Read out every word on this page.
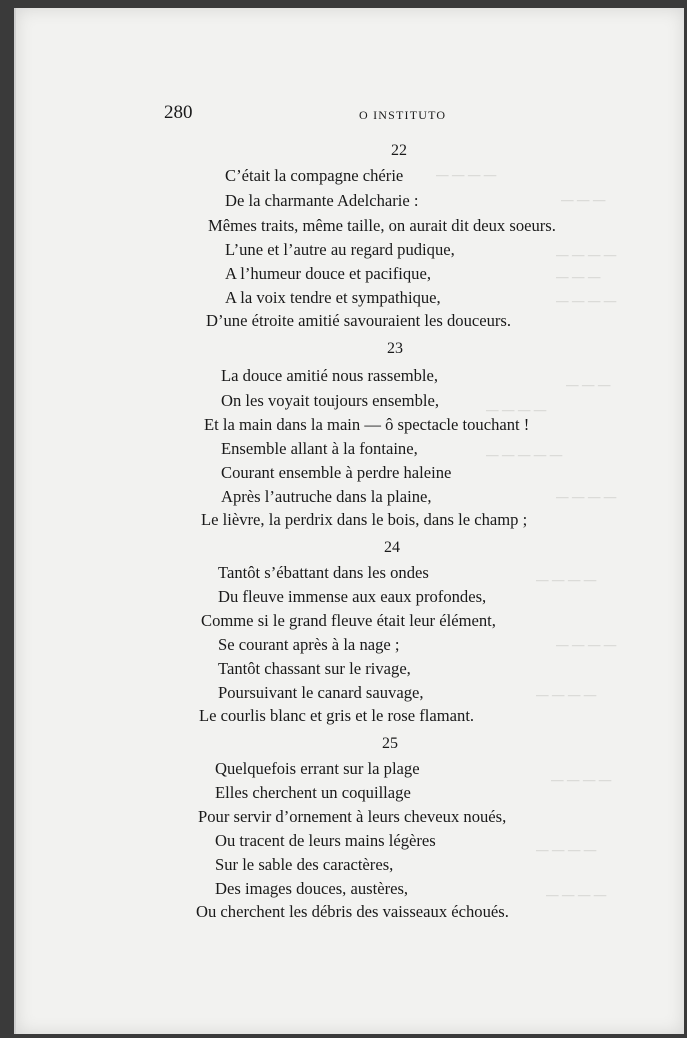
— — — —
— — —
— — — —
— — —
— — — —
— — —
— — — —
— — — — —
— — — —
— — — —
— — — —
— — — —
— — — —
— — — —
— — — —
280	O INSTITUTO
22
C’était la compagne chérie
De la charmante Adelcharie :
Mêmes traits, même taille, on aurait dit deux soeurs.
L’une et l’autre au regard pudique,
A l’humeur douce et pacifique,
A la voix tendre et sympathique,
D’une étroite amitié savouraient les douceurs.
23
La douce amitié nous rassemble,
On les voyait toujours ensemble,
Et la main dans la main — ô spectacle touchant !
Ensemble allant à la fontaine,
Courant ensemble à perdre haleine
Après l’autruche dans la plaine,
Le lièvre, la perdrix dans le bois, dans le champ ;
24
Tantôt s’ébattant dans les ondes
Du fleuve immense aux eaux profondes,
Comme si le grand fleuve était leur élément,
Se courant après à la nage ;
Tantôt chassant sur le rivage,
Poursuivant le canard sauvage,
Le courlis blanc et gris et le rose flamant.
25
Quelquefois errant sur la plage
Elles cherchent un coquillage
Pour servir d’ornement à leurs cheveux noués,
Ou tracent de leurs mains légères
Sur le sable des caractères,
Des images douces, austères,
Ou cherchent les débris des vaisseaux échoués.
